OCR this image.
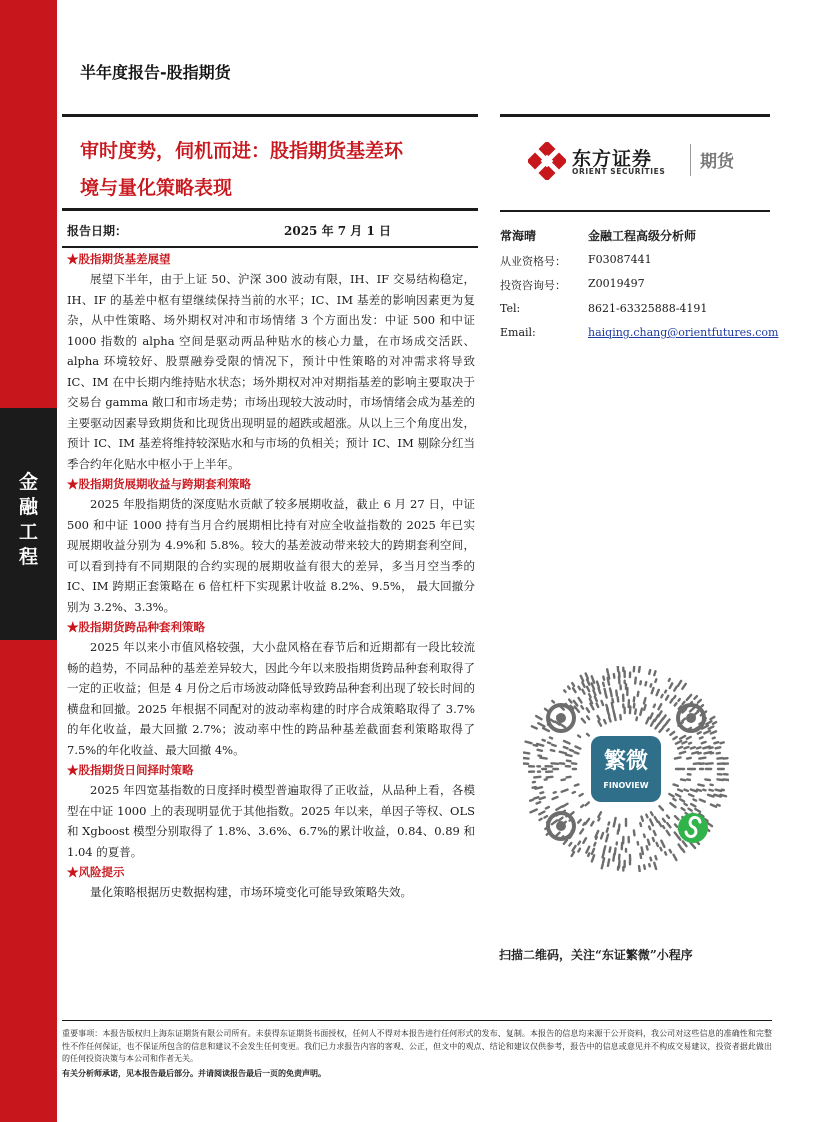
金
融
工
程
半年度报告-股指期货
审时度势，伺机而进：股指期货基差环
境与量化策略表现
东方证券
ORIENT SECURITIES 期货
报告日期：	2025 年 7 月 1 日
★股指期货基差展望

展望下半年，由于上证 50、沪深 300 波动有限，IH、IF 交易结构稳定，IH、IF 的基差中枢有望继续保持当前的水平；IC、IM 基差的影响因素更为复杂，从中性策略、场外期权对冲和市场情绪 3 个方面出发：中证 500 和中证 1000 指数的 alpha 空间是驱动两品种贴水的核心力量，在市场成交活跃、alpha 环境较好、股票融券受限的情况下，预计中性策略的对冲需求将导致 IC、IM 在中长期内维持贴水状态；场外期权对冲对期指基差的影响主要取决于交易台 gamma 敞口和市场走势；市场出现较大波动时，市场情绪会成为基差的主要驱动因素导致期货和比现货出现明显的超跌或超涨。从以上三个角度出发，预计 IC、IM 基差将维持较深贴水和与市场的负相关；预计 IC、IM 剔除分红当季合约年化贴水中枢小于上半年。

★股指期货展期收益与跨期套利策略

2025 年股指期货的深度贴水贡献了较多展期收益，截止 6 月 27 日，中证 500 和中证 1000 持有当月合约展期相比持有对应全收益指数的 2025 年已实现展期收益分别为 4.9%和 5.8%。较大的基差波动带来较大的跨期套利空间，可以看到持有不同期限的合约实现的展期收益有很大的差异，多当月空当季的 IC、IM 跨期正套策略在 6 倍杠杆下实现累计收益 8.2%、9.5%， 最大回撤分别为 3.2%、3.3%。

★股指期货跨品种套利策略

2025 年以来小市值风格较强，大小盘风格在春节后和近期都有一段比较流畅的趋势，不同品种的基差差异较大，因此今年以来股指期货跨品种套利取得了一定的正收益；但是 4 月份之后市场波动降低导致跨品种套利出现了较长时间的横盘和回撤。2025 年根据不同配对的波动率构建的时序合成策略取得了 3.7%的年化收益，最大回撤 2.7%；波动率中性的跨品种基差截面套利策略取得了 7.5%的年化收益、最大回撤 4%。

★股指期货日间择时策略

2025 年四宽基指数的日度择时模型普遍取得了正收益，从品种上看，各模型在中证 1000 上的表现明显优于其他指数。2025 年以来，单因子等权、OLS 和 Xgboost 模型分别取得了 1.8%、3.6%、6.7%的累计收益，0.84、0.89 和 1.04 的夏普。

★风险提示

量化策略根据历史数据构建，市场环境变化可能导致策略失效。

常海晴	金融工程高级分析师
从业资格号： F03087441
投资咨询号： Z0019497
Tel:	8621-63325888-4191
Email:	haiqing.chang@orientfutures.com
繁微
FINOVIEW
扫描二维码，关注“东证繁微”小程序
重要事项：本报告版权归上海东证期货有限公司所有。未获得东证期货书面授权，任何人不得对本报告进行任何形式的发布、复制。本报告的信息均来源于公开资料，我公司对这些信息的准确性和完整性不作任何保证，也不保证所包含的信息和建议不会发生任何变更。我们已力求报告内容的客观、公正，但文中的观点、结论和建议仅供参考，报告中的信息或意见并不构成交易建议，投资者据此做出的任何投资决策与本公司和作者无关。
有关分析师承诺，见本报告最后部分。并请阅读报告最后一页的免责声明。
